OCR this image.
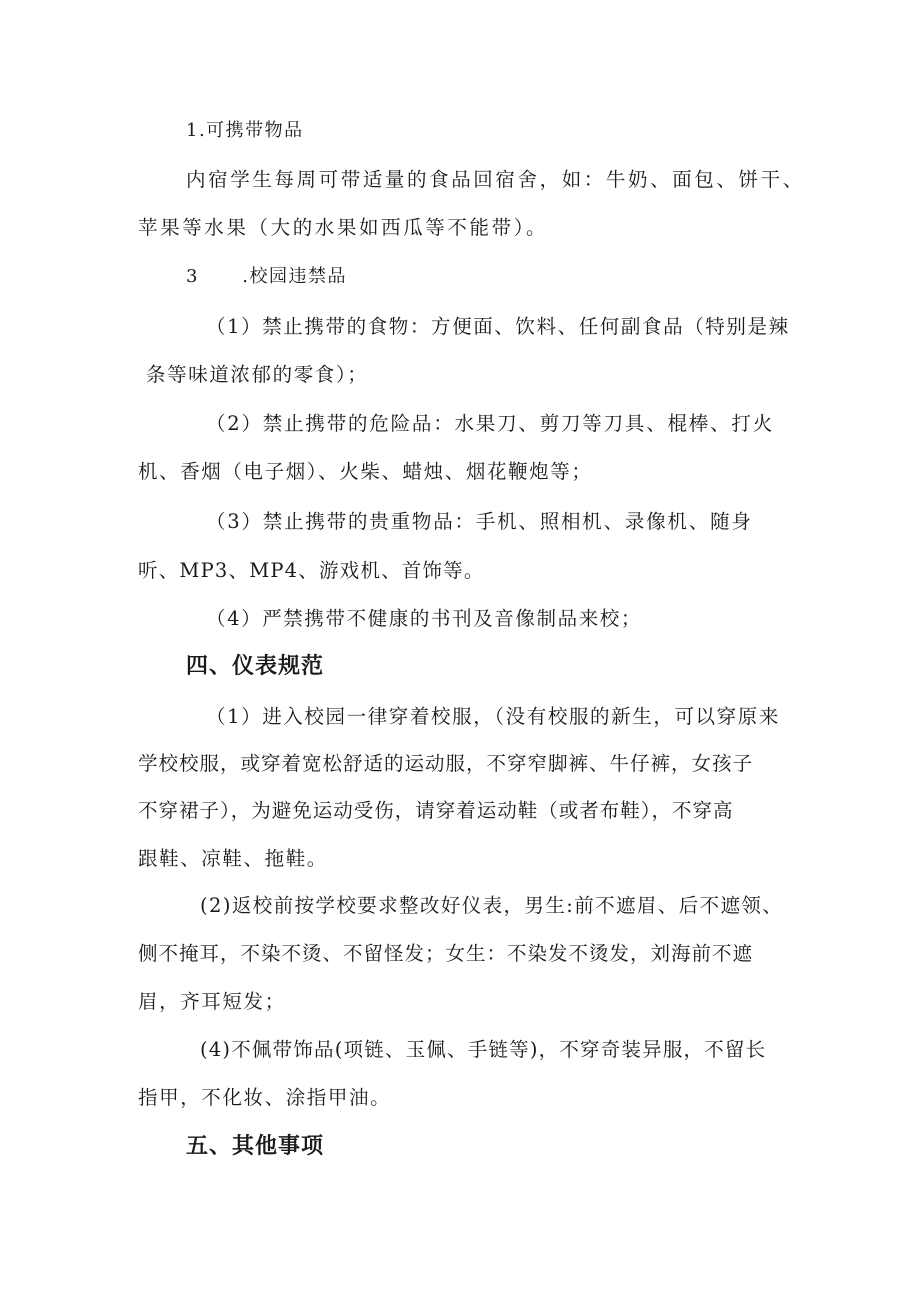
1.可携带物品
内宿学生每周可带适量的食品回宿舍，如：牛奶、面包、饼干、
苹果等水果（大的水果如西瓜等不能带）。
3      .校园违禁品
（1）禁止携带的食物：方便面、饮料、任何副食品（特别是辣
条等味道浓郁的零食）；
（2）禁止携带的危险品：水果刀、剪刀等刀具、棍棒、打火
机、香烟（电子烟）、火柴、蜡烛、烟花鞭炮等；
（3）禁止携带的贵重物品：手机、照相机、录像机、随身
听、MP3、MP4、游戏机、首饰等。
（4）严禁携带不健康的书刊及音像制品来校；
四、仪表规范
（1）进入校园一律穿着校服，（没有校服的新生，可以穿原来
学校校服，或穿着宽松舒适的运动服，不穿窄脚裤、牛仔裤，女孩子
不穿裙子），为避免运动受伤，请穿着运动鞋（或者布鞋），不穿高
跟鞋、凉鞋、拖鞋。
(2)返校前按学校要求整改好仪表，男生:前不遮眉、后不遮领、
侧不掩耳，不染不烫、不留怪发；女生：不染发不烫发，刘海前不遮
眉，齐耳短发；
(4)不佩带饰品(项链、玉佩、手链等)，不穿奇装异服，不留长
指甲，不化妆、涂指甲油。
五、其他事项
